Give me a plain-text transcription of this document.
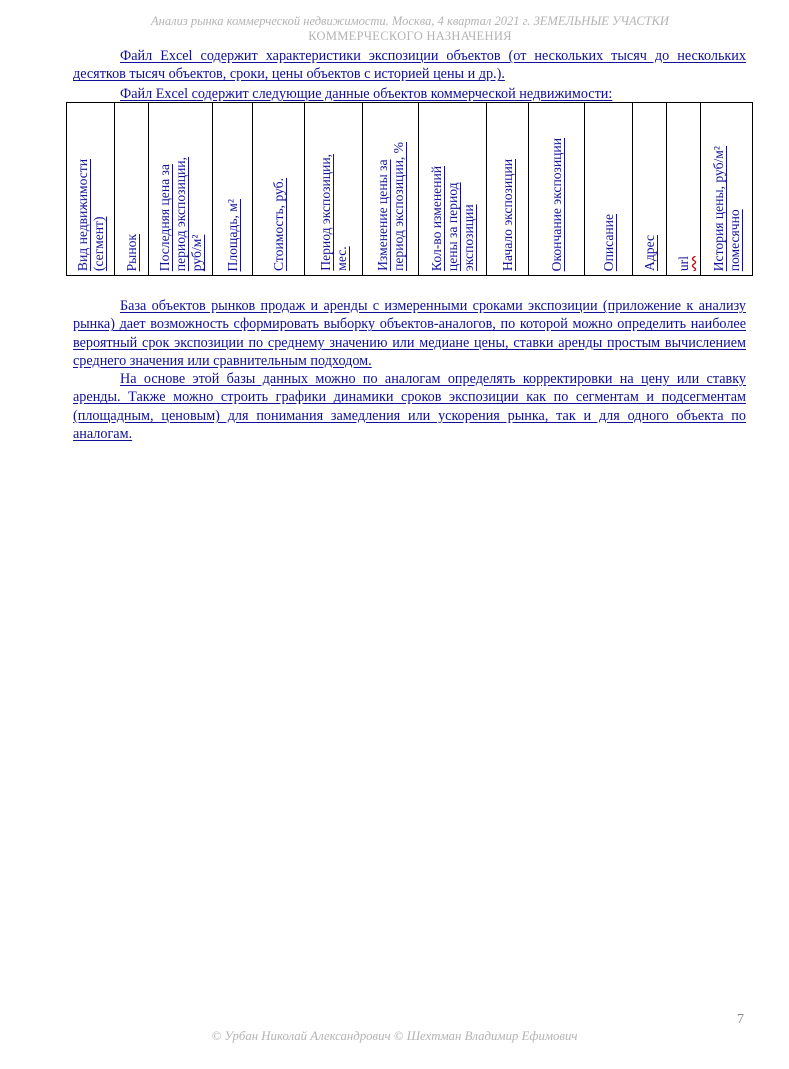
Анализ рынка коммерческой недвижимости. Москва, 4 квартал 2021 г. ЗЕМЕЛЬНЫЕ УЧАСТКИ
КОММЕРЧЕСКОГО НАЗНАЧЕНИЯ
Файл Excel содержит характеристики экспозиции объектов (от нескольких тысяч до нескольких десятков тысяч объектов, сроки, цены объектов с историей цены и др.).
Файл Excel содержит следующие данные объектов коммерческой недвижимости:
Вид недвижимости
(сегмент)	Рынок	Последняя цена за
период экспозиции,
руб/м²	Площадь, м²	Стоимость, руб.	Период экспозиции,
мес.	Изменение цены за
период экспозиции, %

Кол-во изменений
цены за период
экспозиции	Начало экспозиции	Окончание экспозиции	Описание	Адрес	url	История цены, руб/м²
помесячно
База объектов рынков продаж и аренды с измеренными сроками экспозиции (приложение к анализу рынка) дает возможность сформировать выборку объектов-аналогов, по которой можно определить наиболее вероятный срок экспозиции по среднему значению или медиане цены, ставки аренды простым вычислением среднего значения или сравнительным подходом.
На основе этой базы данных можно по аналогам определять корректировки на цену или ставку аренды. Также можно строить графики динамики сроков экспозиции как по сегментам и подсегментам (площадным, ценовым) для понимания замедления или ускорения рынка, так и для одного объекта по аналогам.
7
© Урбан Николай Александрович © Шехтман Владимир Ефимович
